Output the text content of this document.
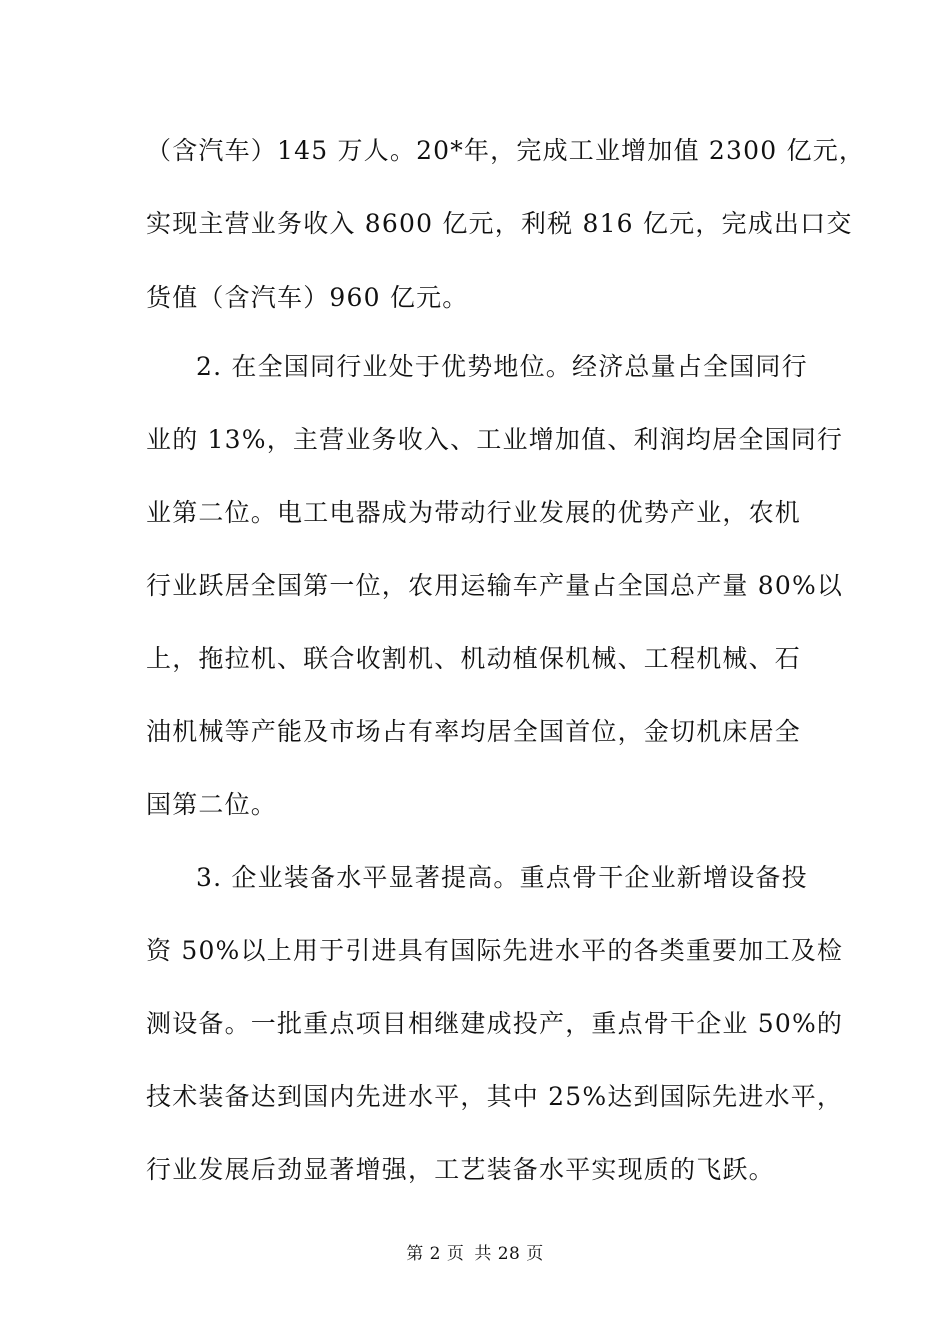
（含汽车）145 万人。20*年，完成工业增加值 2300 亿元，
实现主营业务收入 8600 亿元，利税 816 亿元，完成出口交
货值（含汽车）960 亿元。
2. 在全国同行业处于优势地位。经济总量占全国同行
业的 13%，主营业务收入、工业增加值、利润均居全国同行
业第二位。电工电器成为带动行业发展的优势产业，农机
行业跃居全国第一位，农用运输车产量占全国总产量 80%以
上，拖拉机、联合收割机、机动植保机械、工程机械、石
油机械等产能及市场占有率均居全国首位，金切机床居全
国第二位。
3. 企业装备水平显著提高。重点骨干企业新增设备投
资 50%以上用于引进具有国际先进水平的各类重要加工及检
测设备。一批重点项目相继建成投产，重点骨干企业 50%的
技术装备达到国内先进水平，其中 25%达到国际先进水平，
行业发展后劲显著增强，工艺装备水平实现质的飞跃。
第 2 页 共 28 页
